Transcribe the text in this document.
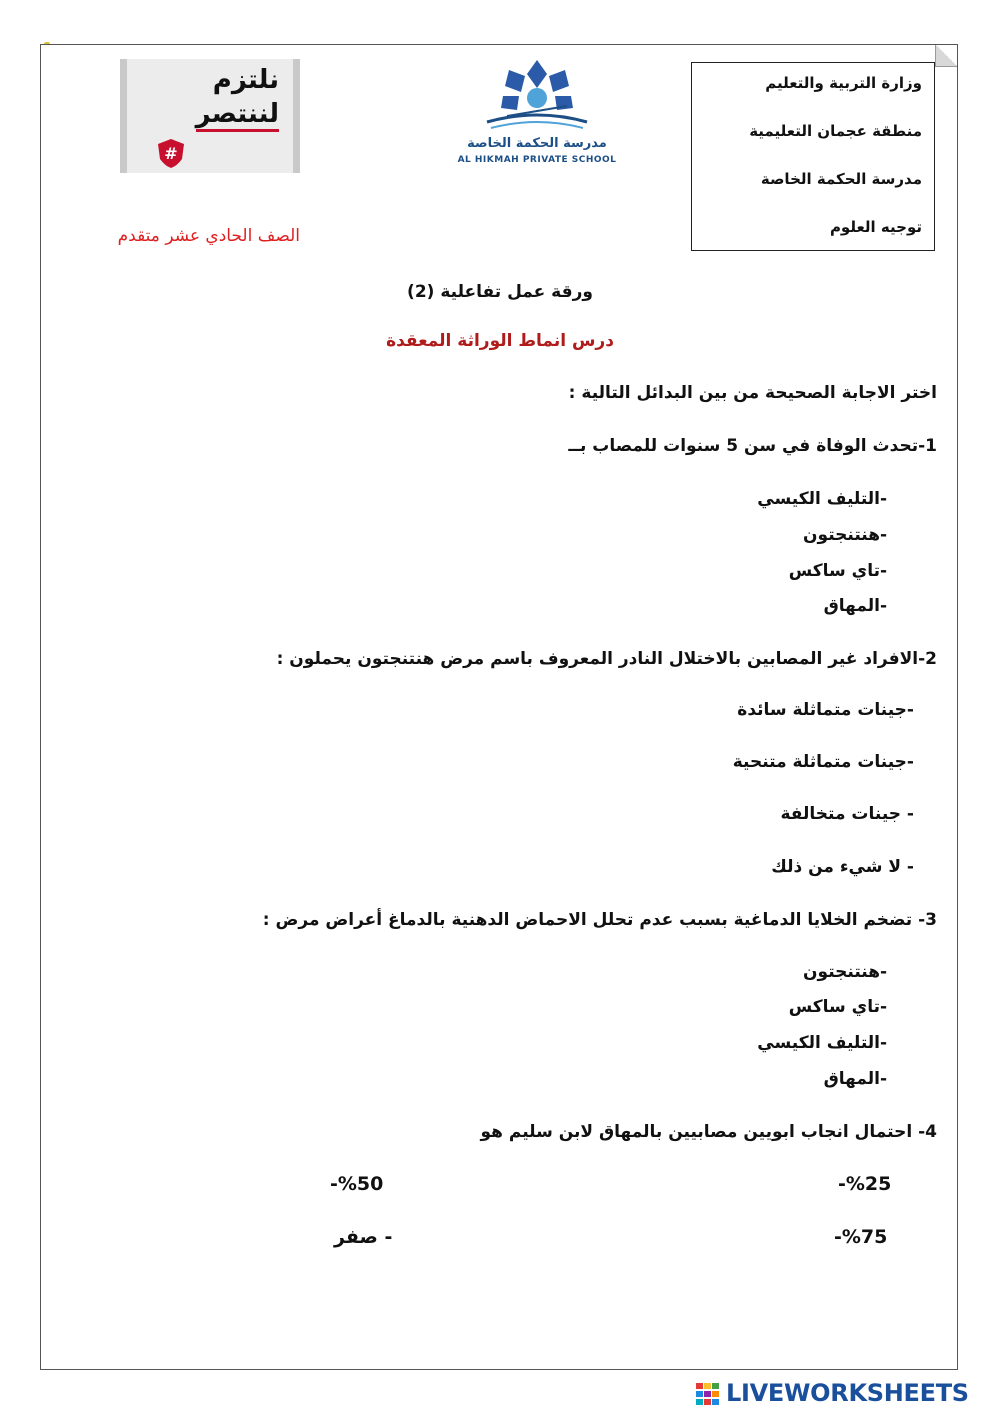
وزارة التربية والتعليم
منطقة عجمان التعليمية
مدرسة الحكمة الخاصة
توجيه العلوم
مدرسة الحكمة الخاصة
AL HIKMAH PRIVATE SCHOOL
نلتزم
لننتصر
#
الصف الحادي عشر متقدم
ورقة عمل تفاعلية (2)
درس انماط الوراثة المعقدة
اختر الاجابة الصحيحة من بين البدائل التالية :
1-تحدث الوفاة في سن 5 سنوات للمصاب بــ
-التليف الكيسي
-هنتنجتون
-تاي ساكس
-المهاق
2-الافراد غير المصابين بالاختلال النادر المعروف باسم مرض هنتنجتون يحملون :
-جينات متماثلة سائدة
-جينات متماثلة متنحية
- جينات متخالفة
- لا شيء من ذلك
3- تضخم الخلايا الدماغية بسبب عدم تحلل الاحماض الدهنية بالدماغ أعراض مرض :
-هنتنجتون
-تاي ساكس
-التليف الكيسي
-المهاق
4- احتمال انجاب ابويين مصابيين بالمهاق لابن سليم هو
%25-
%50-
%75-
- صفر
LIVEWORKSHEETS
